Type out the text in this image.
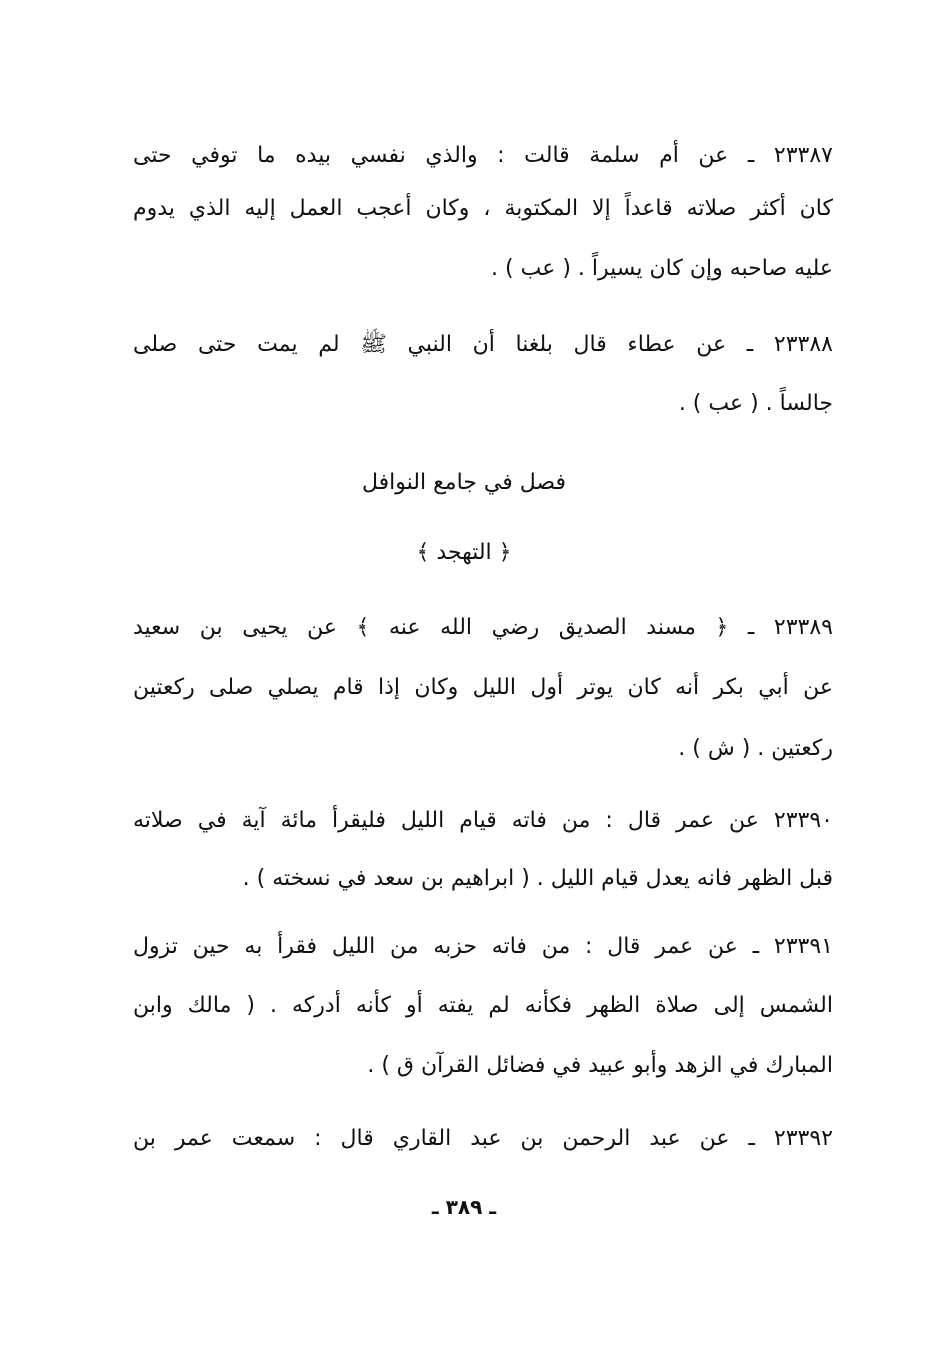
٢٣٣٨٧ ـ عن أم سلمة قالت : والذي نفسي بيده ما توفي حتى
كان أكثر صلاته قاعداً إلا المكتوبة ، وكان أعجب العمل إليه الذي يدوم
عليه صاحبه وإن كان يسيراً . ( عب ) .
٢٣٣٨٨ ـ عن عطاء قال بلغنا أن النبي ﷺ لم يمت حتى صلى
جالساً . ( عب ) .
فصل في جامع النوافل
﴿ التهجد ﴾
٢٣٣٨٩ ـ ﴿ مسند الصديق رضي الله عنه ﴾ عن يحيى بن سعيد
عن أبي بكر أنه كان يوتر أول الليل وكان إذا قام يصلي صلى ركعتين
ركعتين . ( ش ) .
٢٣٣٩٠ عن عمر قال : من فاته قيام الليل فليقرأ مائة آية في صلاته
قبل الظهر فانه يعدل قيام الليل . ( ابراهيم بن سعد في نسخته ) .
٢٣٣٩١ ـ عن عمر قال : من فاته حزبه من الليل فقرأ به حين تزول
الشمس إلى صلاة الظهر فكأنه لم يفته أو كأنه أدركه . ( مالك وابن
المبارك في الزهد وأبو عبيد في فضائل القرآن ق ) .
٢٣٣٩٢ ـ عن عبد الرحمن بن عبد القاري قال : سمعت عمر بن
ـ ٣٨٩ ـ
